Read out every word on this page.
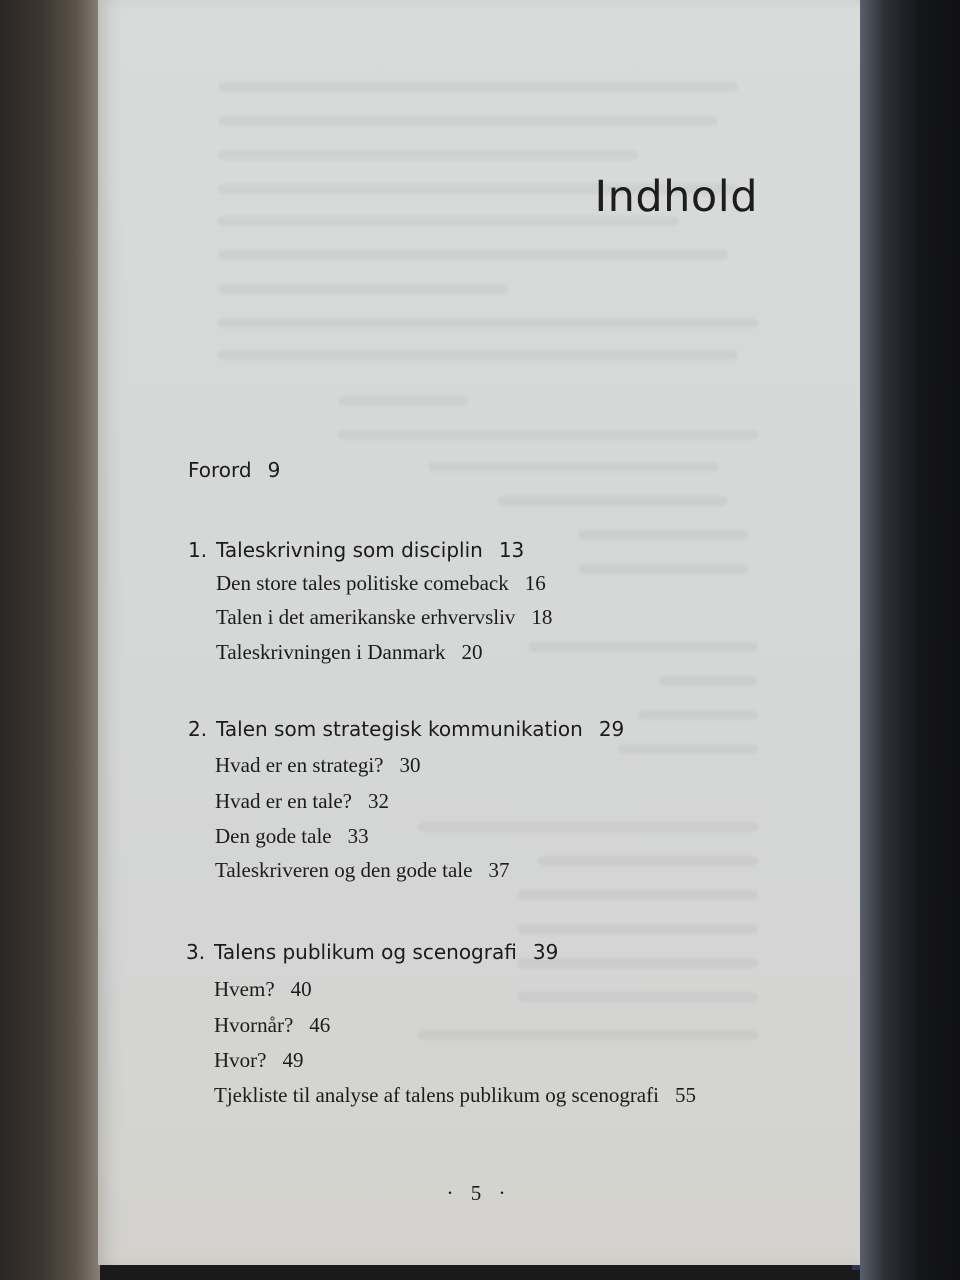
Indhold
Forord 9
1. Taleskrivning som disciplin 13
Den store tales politiske comeback 16
Talen i det amerikanske erhvervsliv 18
Taleskrivningen i Danmark 20
2. Talen som strategisk kommunikation 29
Hvad er en strategi? 30
Hvad er en tale? 32
Den gode tale 33
Taleskriveren og den gode tale 37
3. Talens publikum og scenografi 39
Hvem? 40
Hvornår? 46
Hvor? 49
Tjekliste til analyse af talens publikum og scenografi 55
· 5 ·
